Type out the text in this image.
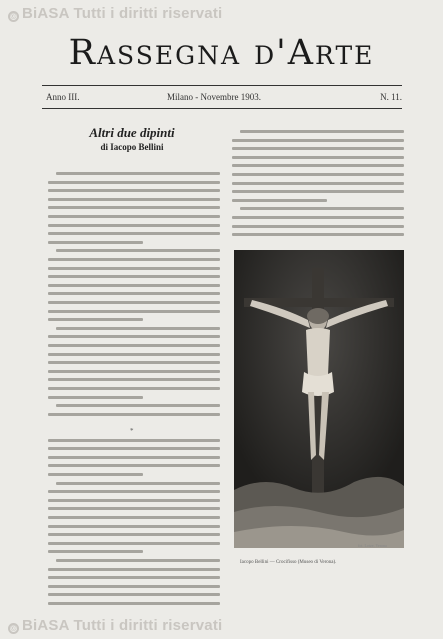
© BiASA Tutti i diritti riservati
Rassegna d'Arte
Anno III.	Milano - Novembre 1903.	N. 11.
Altri due dipinti
di Iacopo Bellini
*
fot. Lotze, Verona
Iacopo Bellini — Crocifisso (Museo di Verona).
© BiASA Tutti i diritti riservati
